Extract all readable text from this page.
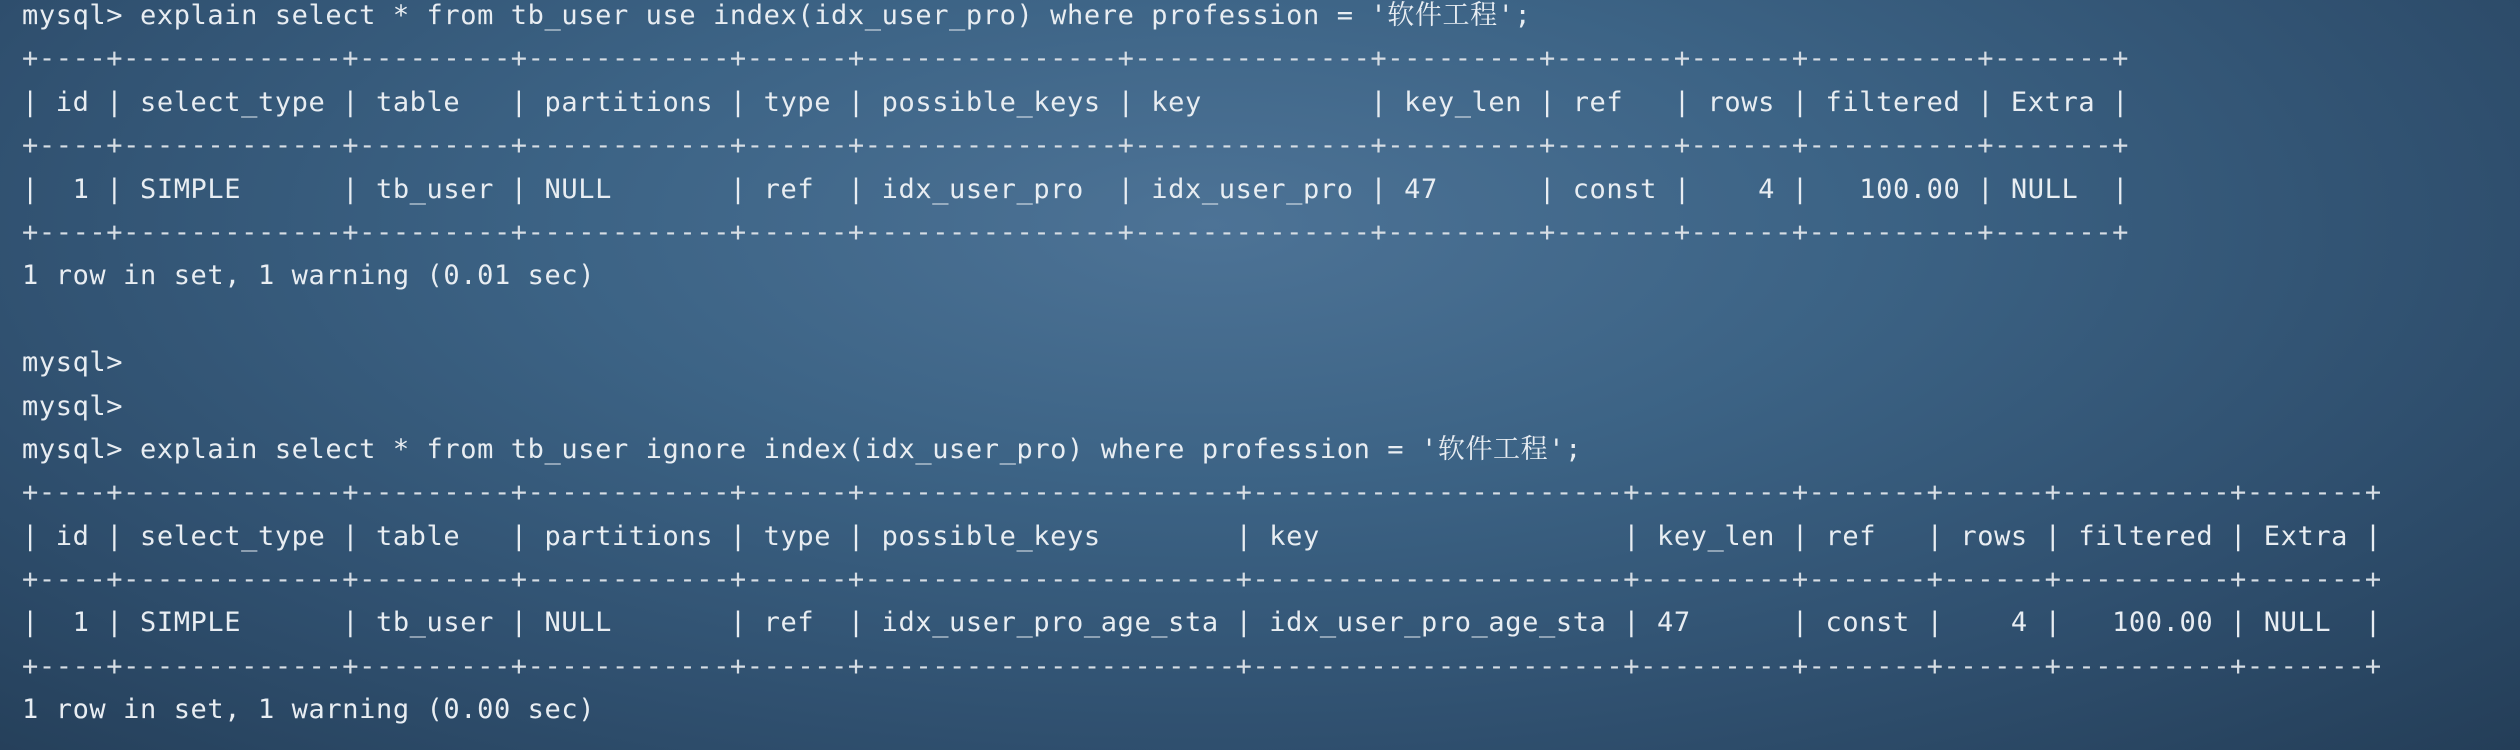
mysql> explain select * from tb_user use index(idx_user_pro) where profession = '软件工程';
+----+-------------+---------+------------+------+---------------+--------------+---------+-------+------+----------+-------+
| id | select_type | table   | partitions | type | possible_keys | key          | key_len | ref   | rows | filtered | Extra |
+----+-------------+---------+------------+------+---------------+--------------+---------+-------+------+----------+-------+
|  1 | SIMPLE      | tb_user | NULL       | ref  | idx_user_pro  | idx_user_pro | 47      | const |    4 |   100.00 | NULL  |
+----+-------------+---------+------------+------+---------------+--------------+---------+-------+------+----------+-------+
1 row in set, 1 warning (0.01 sec)
mysql>
mysql>
mysql> explain select * from tb_user ignore index(idx_user_pro) where profession = '软件工程';
+----+-------------+---------+------------+------+----------------------+----------------------+---------+-------+------+----------+-------+
| id | select_type | table   | partitions | type | possible_keys        | key                  | key_len | ref   | rows | filtered | Extra |
+----+-------------+---------+------------+------+----------------------+----------------------+---------+-------+------+----------+-------+
|  1 | SIMPLE      | tb_user | NULL       | ref  | idx_user_pro_age_sta | idx_user_pro_age_sta | 47      | const |    4 |   100.00 | NULL  |
+----+-------------+---------+------------+------+----------------------+----------------------+---------+-------+------+----------+-------+
1 row in set, 1 warning (0.00 sec)
